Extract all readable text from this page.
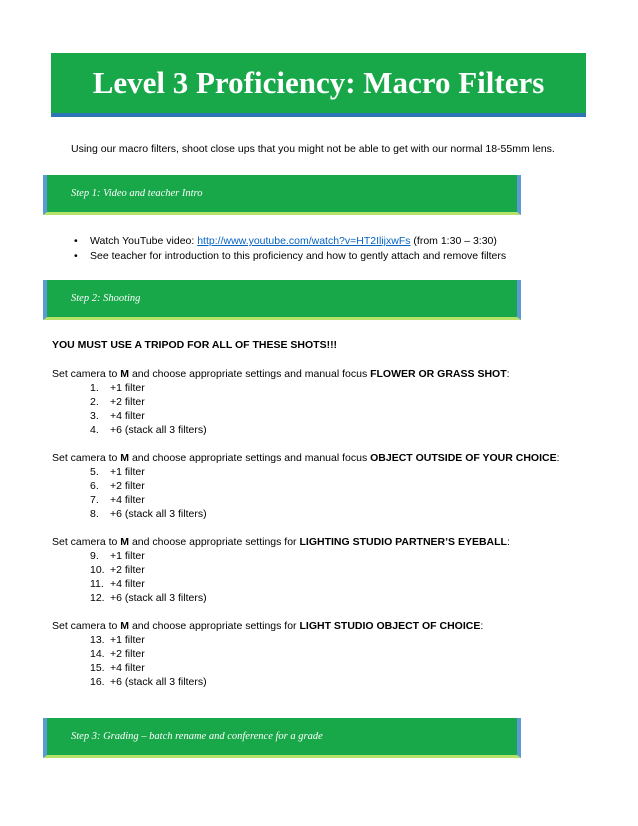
Level 3 Proficiency: Macro Filters
Using our macro filters, shoot close ups that you might not be able to get with our normal 18-55mm lens.
Step 1: Video and teacher Intro
• Watch YouTube video: http://www.youtube.com/watch?v=HT2IlijxwFs (from 1:30 – 3:30)
• See teacher for introduction to this proficiency and how to gently attach and remove filters
Step 2: Shooting
YOU MUST USE A TRIPOD FOR ALL OF THESE SHOTS!!!
Set camera to M and choose appropriate settings and manual focus FLOWER OR GRASS SHOT:
1. +1 filter
2. +2 filter
3. +4 filter
4. +6 (stack all 3 filters)
Set camera to M and choose appropriate settings and manual focus OBJECT OUTSIDE OF YOUR CHOICE:
5. +1 filter
6. +2 filter
7. +4 filter
8. +6 (stack all 3 filters)
Set camera to M and choose appropriate settings for LIGHTING STUDIO PARTNER’S EYEBALL:
9. +1 filter
10. +2 filter
11. +4 filter
12. +6 (stack all 3 filters)
Set camera to M and choose appropriate settings for LIGHT STUDIO OBJECT OF CHOICE:
13. +1 filter
14. +2 filter
15. +4 filter
16. +6 (stack all 3 filters)
Step 3: Grading – batch rename and conference for a grade
